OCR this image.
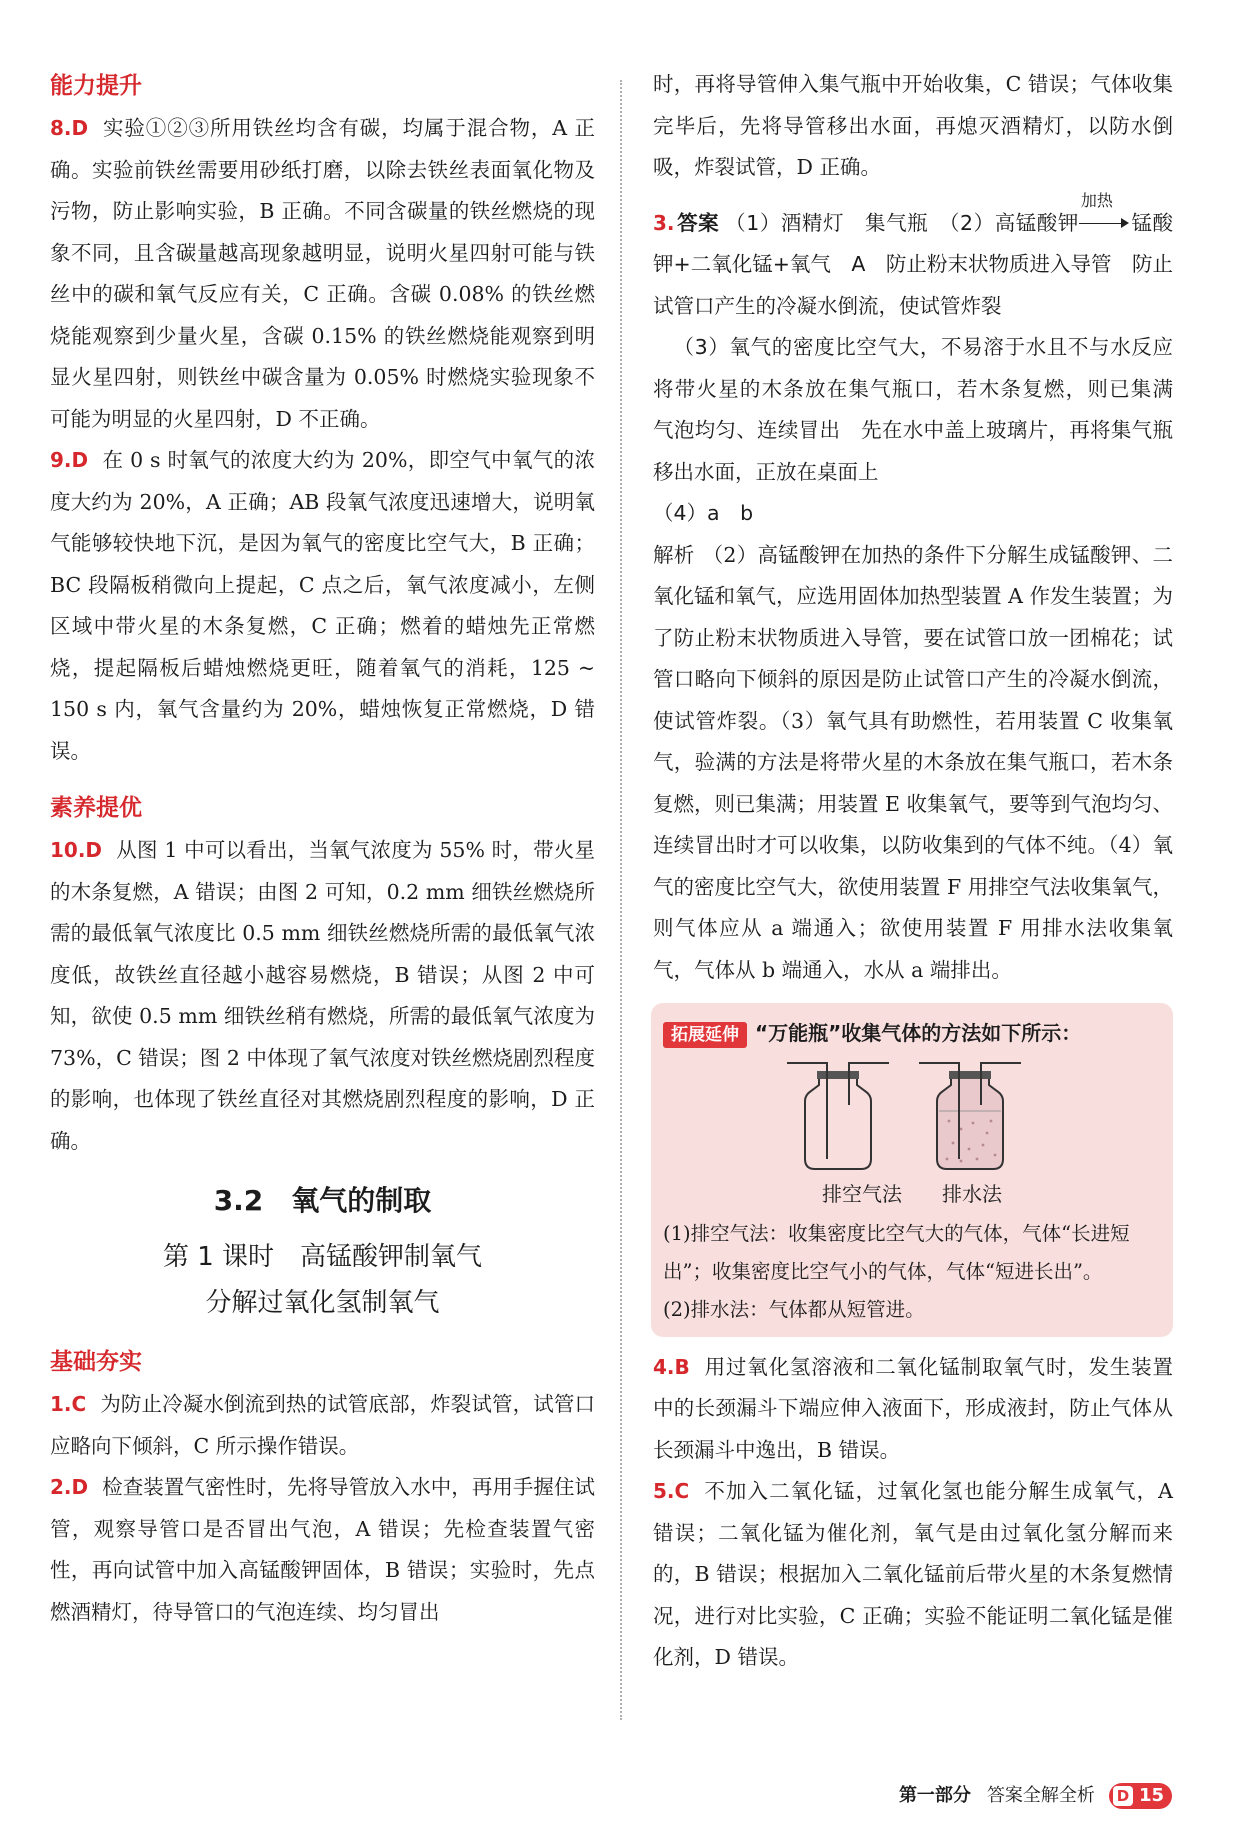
能力提升

8.D 实验①②③所用铁丝均含有碳，均属于混合物，A 正确。实验前铁丝需要用砂纸打磨，以除去铁丝表面氧化物及污物，防止影响实验，B 正确。不同含碳量的铁丝燃烧的现象不同，且含碳量越高现象越明显，说明火星四射可能与铁丝中的碳和氧气反应有关，C 正确。含碳 0.08% 的铁丝燃烧能观察到少量火星，含碳 0.15% 的铁丝燃烧能观察到明显火星四射，则铁丝中碳含量为 0.05% 时燃烧实验现象不可能为明显的火星四射，D 不正确。

9.D 在 0 s 时氧气的浓度大约为 20%，即空气中氧气的浓度大约为 20%，A 正确；AB 段氧气浓度迅速增大，说明氧气能够较快地下沉，是因为氧气的密度比空气大，B 正确；BC 段隔板稍微向上提起，C 点之后，氧气浓度减小，左侧区域中带火星的木条复燃，C 正确；燃着的蜡烛先正常燃烧，提起隔板后蜡烛燃烧更旺，随着氧气的消耗，125 ~ 150 s 内，氧气含量约为 20%，蜡烛恢复正常燃烧，D 错误。

素养提优

10.D 从图 1 中可以看出，当氧气浓度为 55% 时，带火星的木条复燃，A 错误；由图 2 可知，0.2 mm 细铁丝燃烧所需的最低氧气浓度比 0.5 mm 细铁丝燃烧所需的最低氧气浓度低，故铁丝直径越小越容易燃烧，B 错误；从图 2 中可知，欲使 0.5 mm 细铁丝稍有燃烧，所需的最低氧气浓度为 73%，C 错误；图 2 中体现了氧气浓度对铁丝燃烧剧烈程度的影响，也体现了铁丝直径对其燃烧剧烈程度的影响，D 正确。

3.2 氧气的制取

第 1 课时　高锰酸钾制氧气

分解过氧化氢制氧气

基础夯实

1.C 为防止冷凝水倒流到热的试管底部，炸裂试管，试管口应略向下倾斜，C 所示操作错误。

2.D 检查装置气密性时，先将导管放入水中，再用手握住试管，观察导管口是否冒出气泡，A 错误；先检查装置气密性，再向试管中加入高锰酸钾固体，B 错误；实验时，先点燃酒精灯，待导管口的气泡连续、均匀冒出

时，再将导管伸入集气瓶中开始收集，C 错误；气体收集完毕后，先将导管移出水面，再熄灭酒精灯，以防水倒吸，炸裂试管，D 正确。

3.答案 （1）酒精灯　集气瓶　（2）高锰酸钾
加热
锰酸钾+二氧化锰+氧气　A　防止粉末状物质进入导管　防止试管口产生的冷凝水倒流，使试管炸裂

（3）氧气的密度比空气大，不易溶于水且不与水反应　将带火星的木条放在集气瓶口，若木条复燃，则已集满　气泡均匀、连续冒出　先在水中盖上玻璃片，再将集气瓶移出水面，正放在桌面上

（4）a　b

解析 （2）高锰酸钾在加热的条件下分解生成锰酸钾、二氧化锰和氧气，应选用固体加热型装置 A 作发生装置；为了防止粉末状物质进入导管，要在试管口放一团棉花；试管口略向下倾斜的原因是防止试管口产生的冷凝水倒流，使试管炸裂。（3）氧气具有助燃性，若用装置 C 收集氧气，验满的方法是将带火星的木条放在集气瓶口，若木条复燃，则已集满；用装置 E 收集氧气，要等到气泡均匀、连续冒出时才可以收集，以防收集到的气体不纯。（4）氧气的密度比空气大，欲使用装置 F 用排空气法收集氧气，则气体应从 a 端通入；欲使用装置 F 用排水法收集氧气，气体从 b 端通入，水从 a 端排出。

拓展延伸 “万能瓶”收集气体的方法如下所示：
排空气法 排水法

(1)排空气法：收集密度比空气大的气体，气体“长进短出”；收集密度比空气小的气体，气体“短进长出”。

(2)排水法：气体都从短管进。

4.B 用过氧化氢溶液和二氧化锰制取氧气时，发生装置中的长颈漏斗下端应伸入液面下，形成液封，防止气体从长颈漏斗中逸出，B 错误。

5.C 不加入二氧化锰，过氧化氢也能分解生成氧气，A 错误；二氧化锰为催化剂，氧气是由过氧化氢分解而来的，B 错误；根据加入二氧化锰前后带火星的木条复燃情况，进行对比实验，C 正确；实验不能证明二氧化锰是催化剂，D 错误。

第一部分 答案全解全析 D 15
